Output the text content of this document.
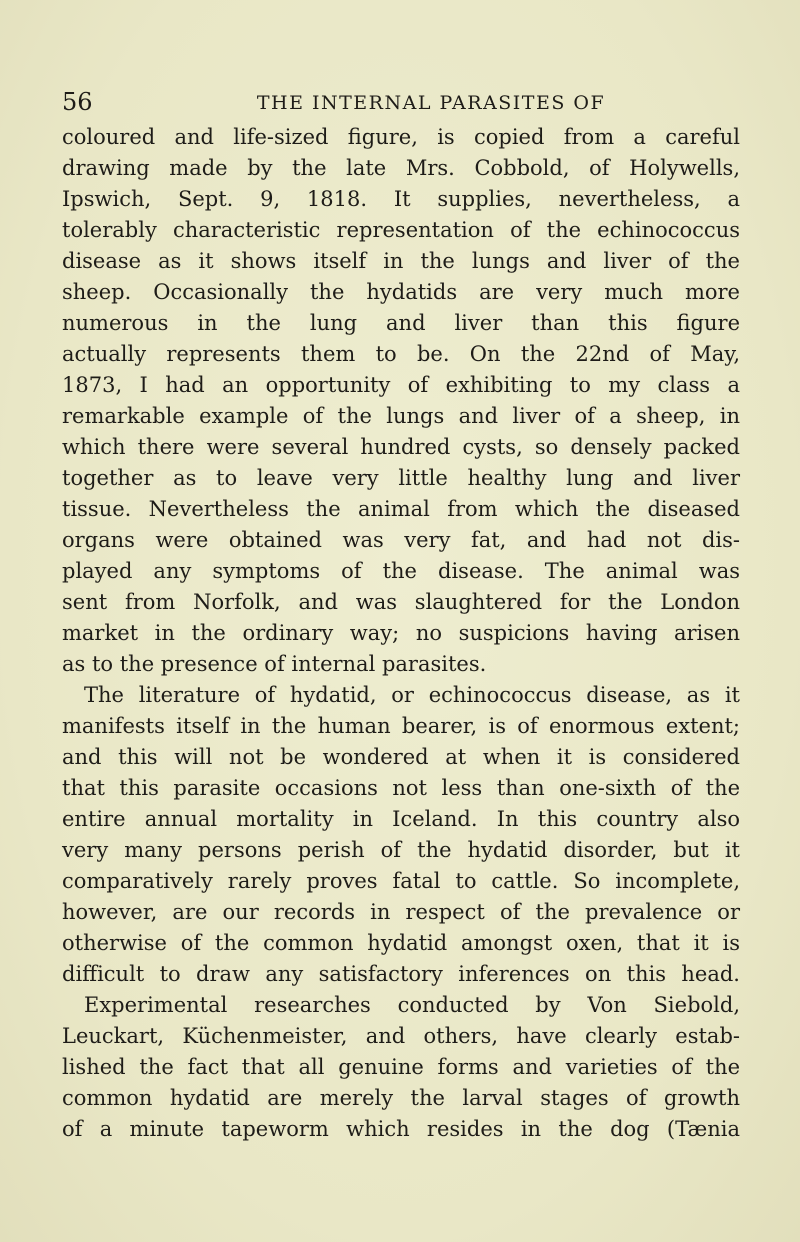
56	THE INTERNAL PARASITES OF
coloured and life-sized figure, is copied from a careful
drawing made by the late Mrs. Cobbold, of Holywells,
Ipswich, Sept. 9, 1818. It supplies, nevertheless, a
tolerably characteristic representation of the echinococcus
disease as it shows itself in the lungs and liver of the
sheep. Occasionally the hydatids are very much more
numerous in the lung and liver than this figure
actually represents them to be. On the 22nd of May,
1873, I had an opportunity of exhibiting to my class a
remarkable example of the lungs and liver of a sheep, in
which there were several hundred cysts, so densely packed
together as to leave very little healthy lung and liver
tissue. Nevertheless the animal from which the diseased
organs were obtained was very fat, and had not dis-
played any symptoms of the disease. The animal was
sent from Norfolk, and was slaughtered for the London
market in the ordinary way; no suspicions having arisen
as to the presence of internal parasites.
The literature of hydatid, or echinococcus disease, as it
manifests itself in the human bearer, is of enormous extent;
and this will not be wondered at when it is considered
that this parasite occasions not less than one-sixth of the
entire annual mortality in Iceland. In this country also
very many persons perish of the hydatid disorder, but it
comparatively rarely proves fatal to cattle. So incomplete,
however, are our records in respect of the prevalence or
otherwise of the common hydatid amongst oxen, that it is
difficult to draw any satisfactory inferences on this head.
Experimental researches conducted by Von Siebold,
Leuckart, Küchenmeister, and others, have clearly estab-
lished the fact that all genuine forms and varieties of the
common hydatid are merely the larval stages of growth
of a minute tapeworm which resides in the dog (Tænia
